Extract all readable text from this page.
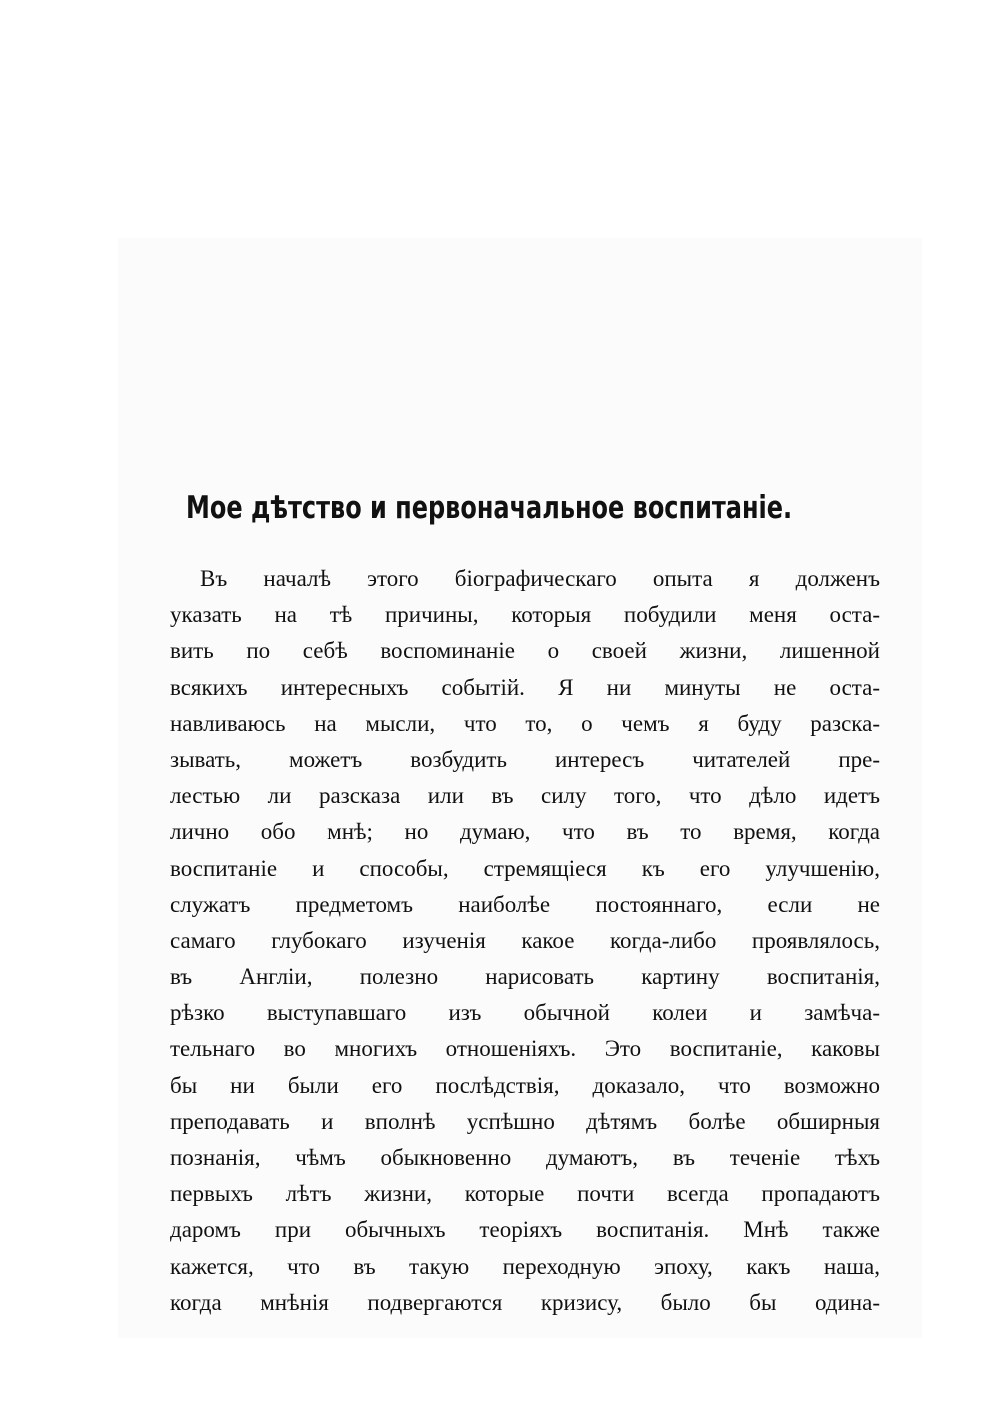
Мое дѣтство и первоначальное воспитаніе.
Въ началѣ этого біографическаго опыта я долженъ
указать на тѣ причины, которыя побудили меня оста-
вить по себѣ воспоминаніе о своей жизни, лишенной
всякихъ интересныхъ событій. Я ни минуты не оста-
навливаюсь на мысли, что то, о чемъ я буду разска-
зывать, можетъ возбудить интересъ читателей пре-
лестью ли разсказа или въ силу того, что дѣло идетъ
лично обо мнѣ; но думаю, что въ то время, когда
воспитаніе и способы, стремящіеся къ его улучшенію,
служатъ предметомъ наиболѣе постояннаго, если не
самаго глубокаго изученія какое когда-либо проявлялось,
въ Англіи, полезно нарисовать картину воспитанія,
рѣзко выступавшаго изъ обычной колеи и замѣча-
тельнаго во многихъ отношеніяхъ. Это воспитаніе, каковы
бы ни были его послѣдствія, доказало, что возможно
преподавать и вполнѣ успѣшно дѣтямъ болѣе обширныя
познанія, чѣмъ обыкновенно думаютъ, въ теченіе тѣхъ
первыхъ лѣтъ жизни, которые почти всегда пропадаютъ
даромъ при обычныхъ теоріяхъ воспитанія. Мнѣ также
кажется, что въ такую переходную эпоху, какъ наша,
когда мнѣнія подвергаются кризису, было бы одина-
